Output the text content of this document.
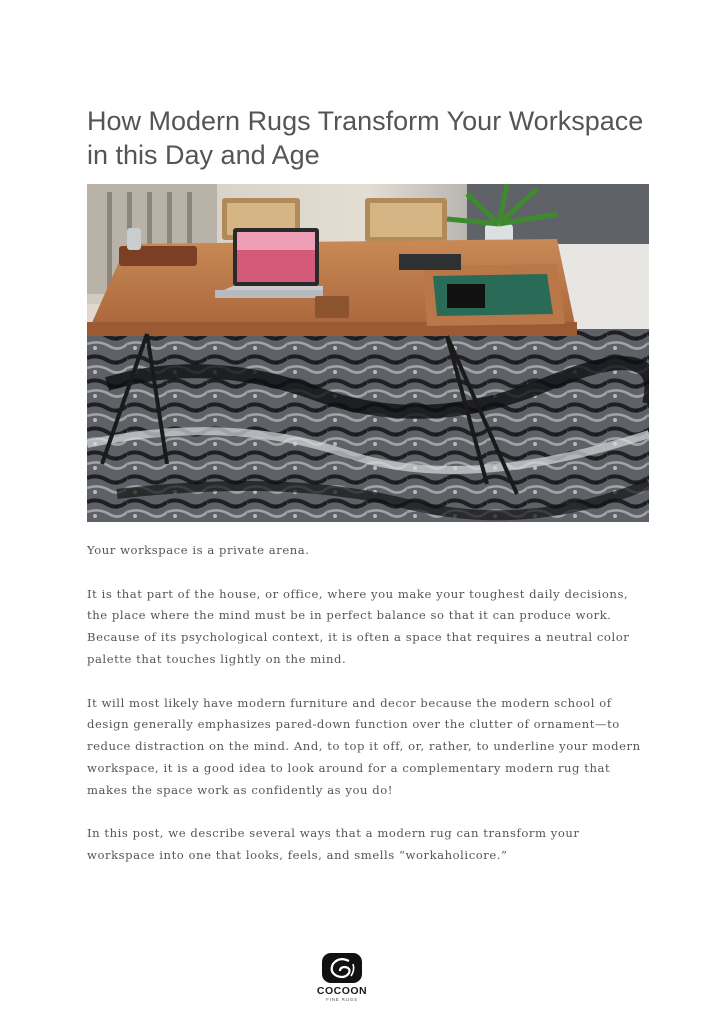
How Modern Rugs Transform Your Workspace in this Day and Age

Your workspace is a private arena.

It is that part of the house, or office, where you make your toughest daily decisions, the place where the mind must be in perfect balance so that it can produce work. Because of its psychological context, it is often a space that requires a neutral color palette that touches lightly on the mind.

It will most likely have modern furniture and decor because the modern school of design generally emphasizes pared-down function over the clutter of ornament—to reduce distraction on the mind. And, to top it off, or, rather, to underline your modern workspace, it is a good idea to look around for a complementary modern rug that makes the space work as confidently as you do!

In this post, we describe several ways that a modern rug can transform your workspace into one that looks, feels, and smells “workaholicore.”

COCOON
FINE RUGS
